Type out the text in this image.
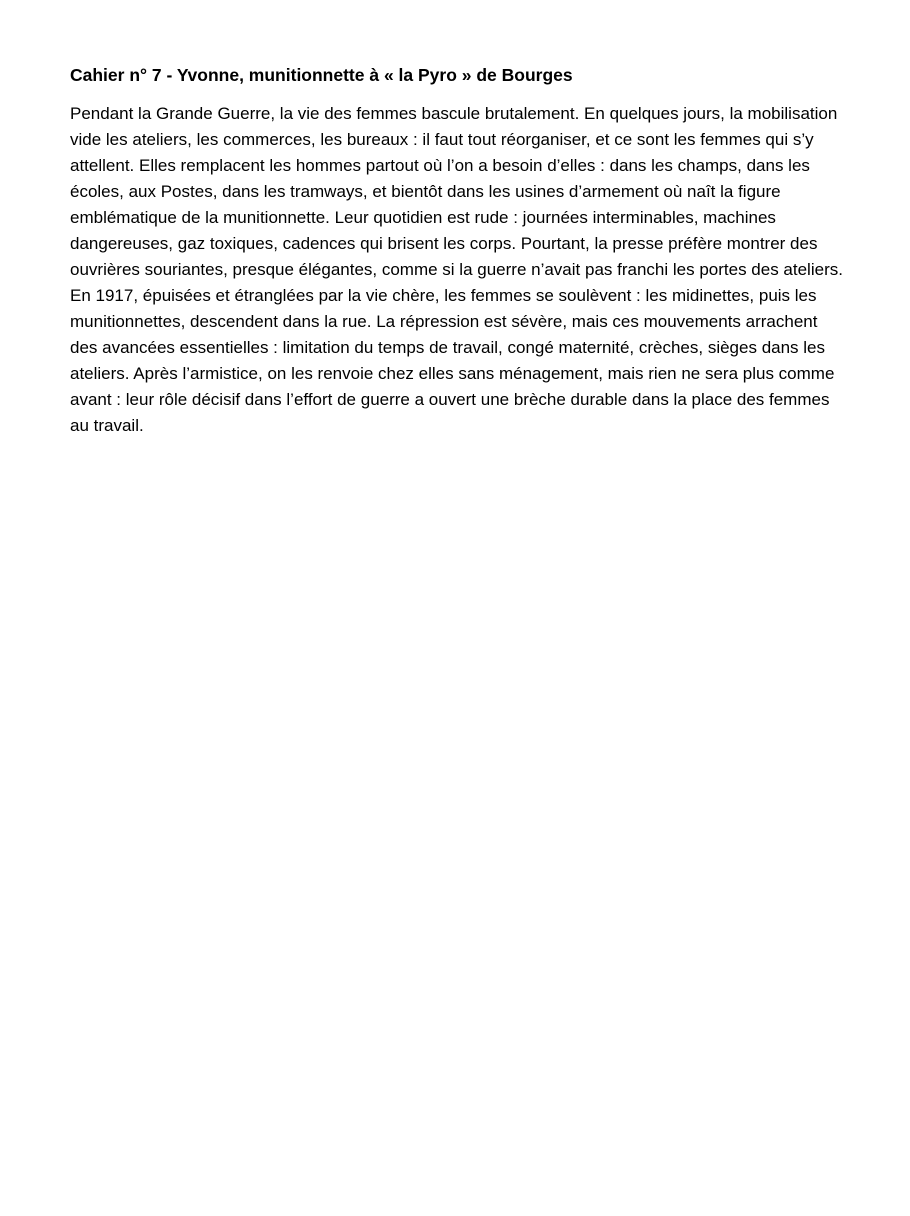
Cahier n° 7 - Yvonne, munitionnette à « la Pyro » de Bourges

Pendant la Grande Guerre, la vie des femmes bascule brutalement. En quelques jours, la mobilisation vide les ateliers, les commerces, les bureaux : il faut tout réorganiser, et ce sont les femmes qui s’y attellent. Elles remplacent les hommes partout où l’on a besoin d’elles : dans les champs, dans les écoles, aux Postes, dans les tramways, et bientôt dans les usines d’armement où naît la figure emblématique de la munitionnette. Leur quotidien est rude : journées interminables, machines dangereuses, gaz toxiques, cadences qui brisent les corps. Pourtant, la presse préfère montrer des ouvrières souriantes, presque élégantes, comme si la guerre n’avait pas franchi les portes des ateliers. En 1917, épuisées et étranglées par la vie chère, les femmes se soulèvent : les midinettes, puis les munitionnettes, descendent dans la rue. La répression est sévère, mais ces mouvements arrachent des avancées essentielles : limitation du temps de travail, congé maternité, crèches, sièges dans les ateliers. Après l’armistice, on les renvoie chez elles sans ménagement, mais rien ne sera plus comme avant : leur rôle décisif dans l’effort de guerre a ouvert une brèche durable dans la place des femmes au travail.
